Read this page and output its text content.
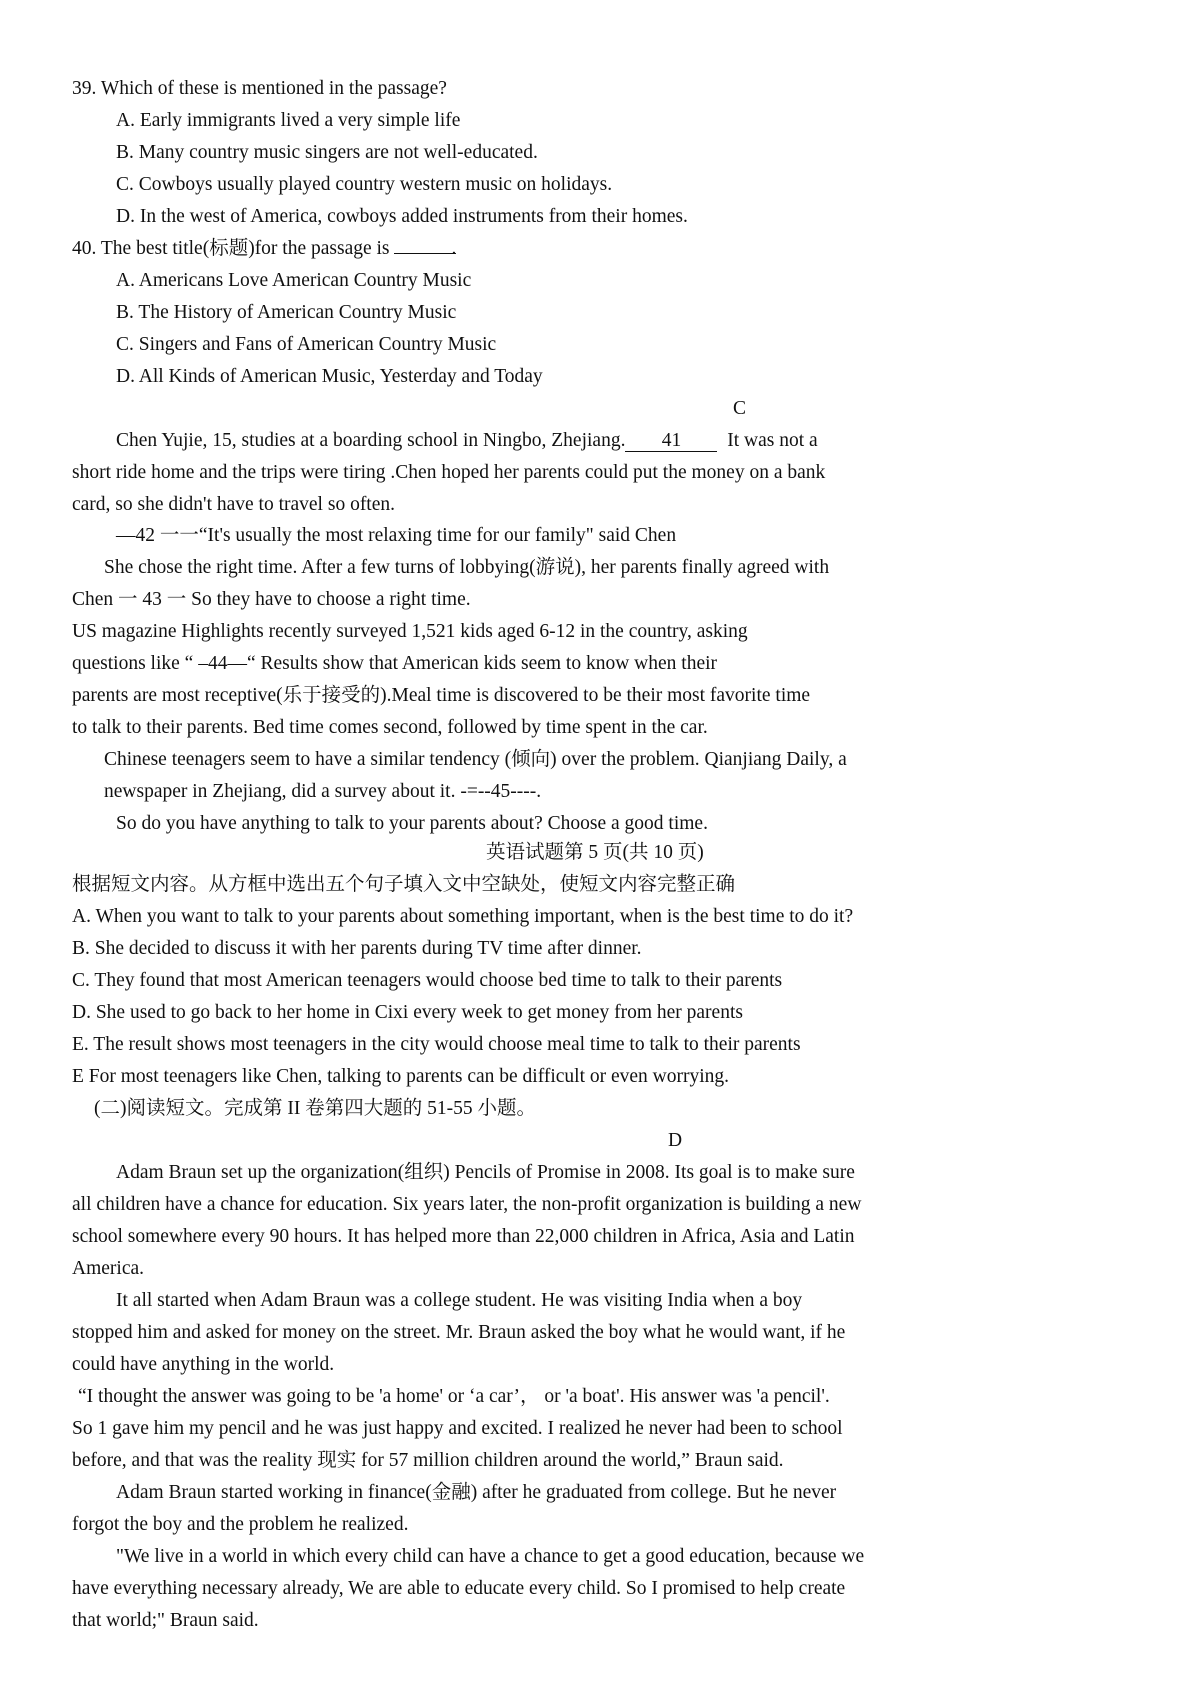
39. Which of these is mentioned in the passage?
A. Early immigrants lived a very simple life
B. Many country music singers are not well-educated.
C. Cowboys usually played country western music on holidays.
D. In the west of America, cowboys added instruments from their homes.
40. The best title(标题)for the passage is	.
A. Americans Love American Country Music
B. The History of American Country Music
C. Singers and Fans of American Country Music
D. All Kinds of American Music, Yesterday and Today
C
Chen Yujie, 15, studies at a boarding school in Ningbo, Zhejiang. 41 It was not a
short ride home and the trips were tiring .Chen hoped her parents could put the money on a bank
card, so she didn't have to travel so often.
—42 一一“It's usually the most relaxing time for our family" said Chen
She chose the right time. After a few turns of lobbying(游说), her parents finally agreed with
Chen 一 43 一 So they have to choose a right time.
US magazine Highlights recently surveyed 1,521 kids aged 6-12 in the country, asking
questions like “ –44—“ Results show that American kids seem to know when their
parents are most receptive(乐于接受的).Meal time is discovered to be their most favorite time
to talk to their parents. Bed time comes second, followed by time spent in the car.
Chinese teenagers seem to have a similar tendency (倾向) over the problem. Qianjiang Daily, a
newspaper in Zhejiang, did a survey about it. -=--45----.
So do you have anything to talk to your parents about? Choose a good time.
英语试题第 5 页(共 10 页)
根据短文内容。从方框中选出五个句子填入文中空缺处，使短文内容完整正确
A. When you want to talk to your parents about something important, when is the best time to do it?
B. She decided to discuss it with her parents during TV time after dinner.
C. They found that most American teenagers would choose bed time to talk to their parents
D. She used to go back to her home in Cixi every week to get money from her parents
E. The result shows most teenagers in the city would choose meal time to talk to their parents
E For most teenagers like Chen, talking to parents can be difficult or even worrying.
(二)阅读短文。完成第 II 卷第四大题的 51-55 小题。
D
Adam Braun set up the organization(组织) Pencils of Promise in 2008. Its goal is to make sure
all children have a chance for education. Six years later, the non-profit organization is building a new
school somewhere every 90 hours. It has helped more than 22,000 children in Africa, Asia and Latin
America.
It all started when Adam Braun was a college student. He was visiting India when a boy
stopped him and asked for money on the street. Mr. Braun asked the boy what he would want, if he
could have anything in the world.
“I thought the answer was going to be 'a home' or ‘a car’， or 'a boat'. His answer was 'a pencil'.
So 1 gave him my pencil and he was just happy and excited. I realized he never had been to school
before, and that was the reality 现实 for 57 million children around the world,” Braun said.
Adam Braun started working in finance(金融) after he graduated from college. But he never
forgot the boy and the problem he realized.
"We live in a world in which every child can have a chance to get a good education, because we
have everything necessary already, We are able to educate every child. So I promised to help create
that world;" Braun said.
